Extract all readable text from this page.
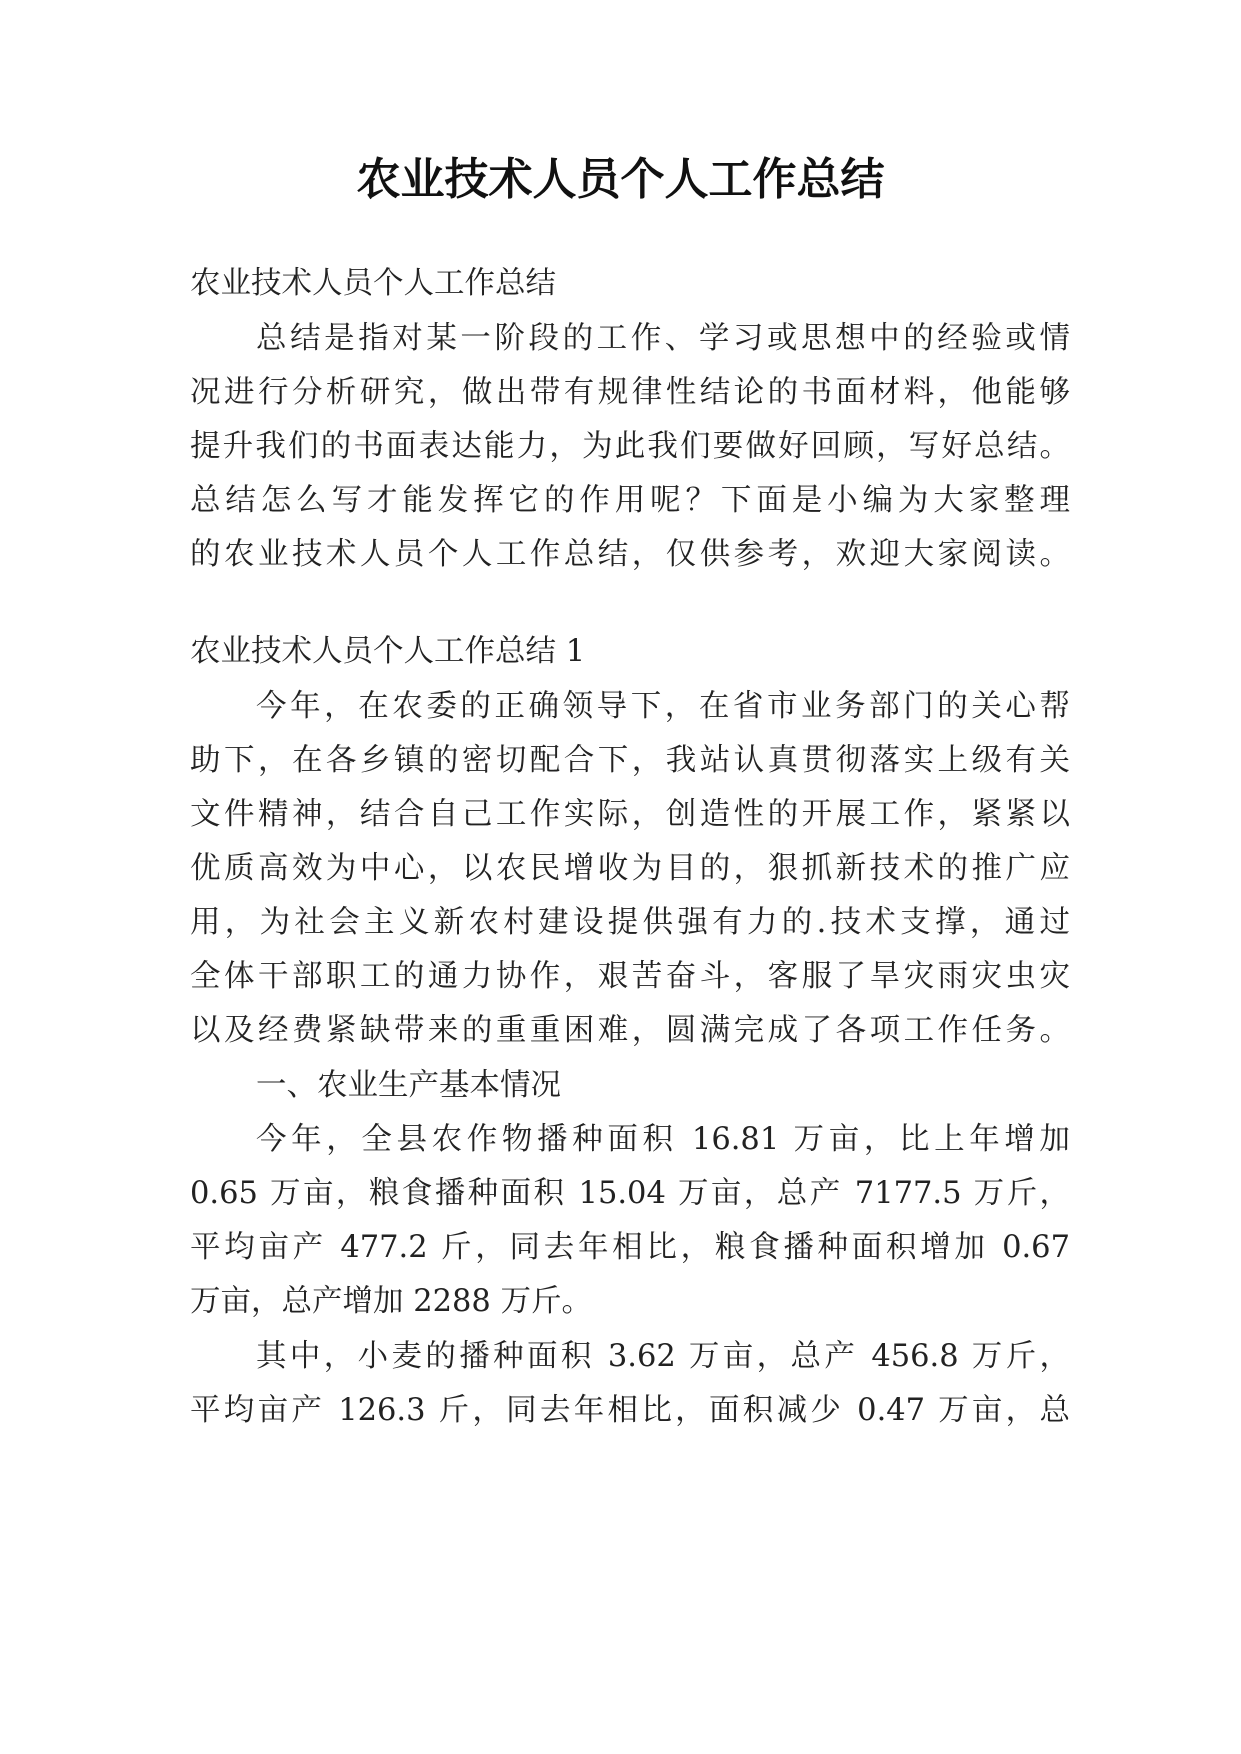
农业技术人员个人工作总结
农业技术人员个人工作总结
总结是指对某一阶段的工作、学习或思想中的经验或情
况进行分析研究，做出带有规律性结论的书面材料，他能够
提升我们的书面表达能力，为此我们要做好回顾，写好总结。
总结怎么写才能发挥它的作用呢？下面是小编为大家整理
的农业技术人员个人工作总结，仅供参考，欢迎大家阅读。
农业技术人员个人工作总结 1
今年，在农委的正确领导下，在省市业务部门的关心帮
助下，在各乡镇的密切配合下，我站认真贯彻落实上级有关
文件精神，结合自己工作实际，创造性的开展工作，紧紧以
优质高效为中心，以农民增收为目的，狠抓新技术的推广应
用，为社会主义新农村建设提供强有力的.技术支撑，通过
全体干部职工的通力协作，艰苦奋斗，客服了旱灾雨灾虫灾
以及经费紧缺带来的重重困难，圆满完成了各项工作任务。
一、农业生产基本情况
今年，全县农作物播种面积 16.81 万亩，比上年增加
0.65 万亩，粮食播种面积 15.04 万亩，总产 7177.5 万斤，
平均亩产 477.2 斤，同去年相比，粮食播种面积增加 0.67
万亩，总产增加 2288 万斤。
其中，小麦的播种面积 3.62 万亩，总产 456.8 万斤，
平均亩产 126.3 斤，同去年相比，面积减少 0.47 万亩，总
